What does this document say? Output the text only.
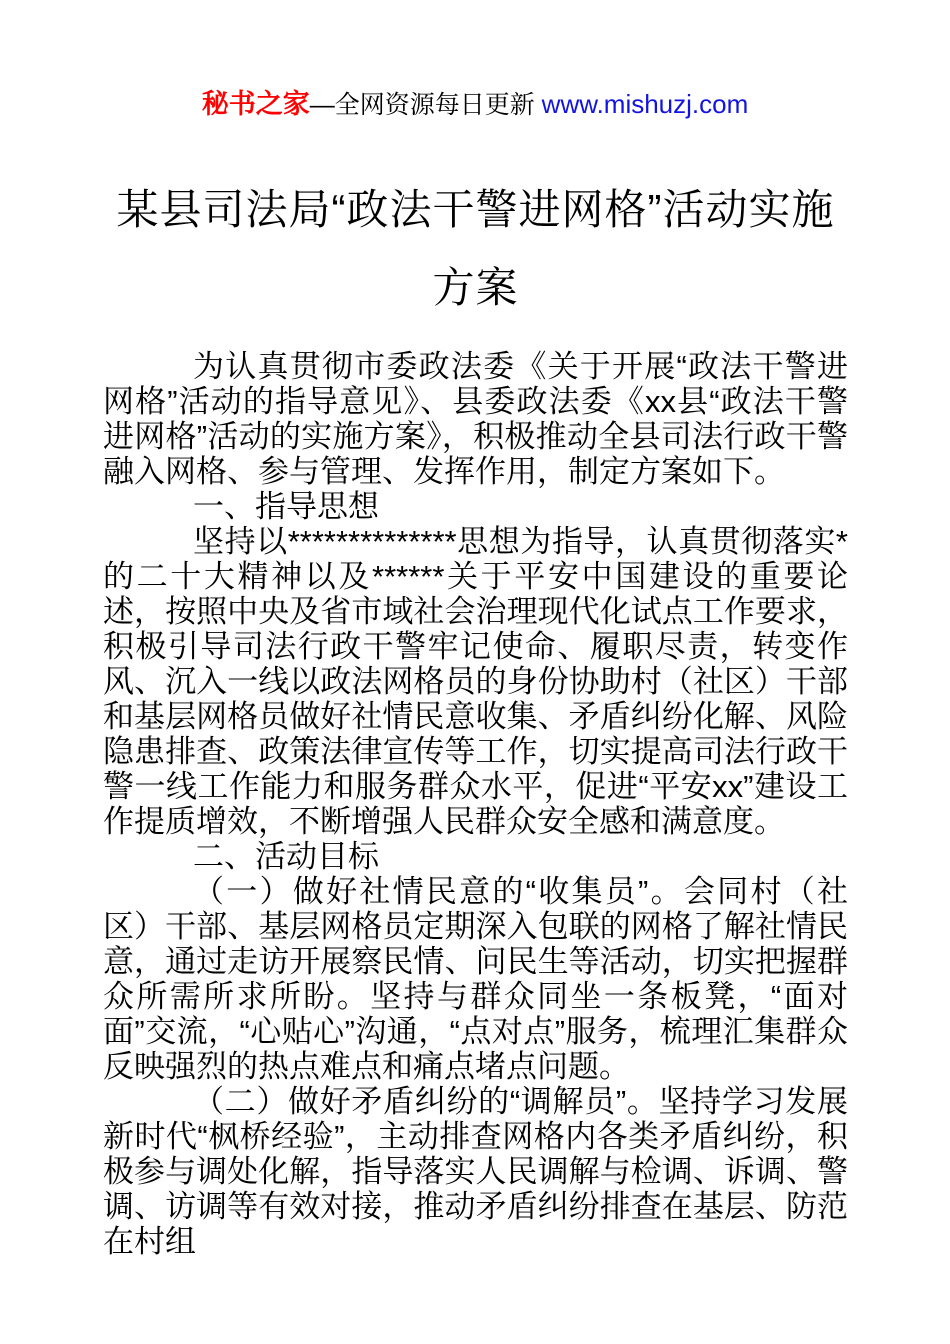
秘书之家—全网资源每日更新 www.mishuzj.com
某县司法局“政法干警进网格”活动实施
方案

为认真贯彻市委政法委《关于开展“政法干警进网格”活动的指导意见》、县委政法委《xx县“政法干警进网格”活动的实施方案》，积极推动全县司法行政干警融入网格、参与管理、发挥作用，制定方案如下。

一、指导思想

坚持以**************思想为指导，认真贯彻落实*的二十大精神以及******关于平安中国建设的重要论述，按照中央及省市域社会治理现代化试点工作要求，积极引导司法行政干警牢记使命、履职尽责，转变作风、沉入一线以政法网格员的身份协助村（社区）干部和基层网格员做好社情民意收集、矛盾纠纷化解、风险隐患排查、政策法律宣传等工作，切实提高司法行政干警一线工作能力和服务群众水平，促进“平安xx”建设工作提质增效，不断增强人民群众安全感和满意度。

二、活动目标

（一）做好社情民意的“收集员”。会同村（社区）干部、基层网格员定期深入包联的网格了解社情民意，通过走访开展察民情、问民生等活动，切实把握群众所需所求所盼。坚持与群众同坐一条板凳，“面对面”交流，“心贴心”沟通，“点对点”服务，梳理汇集群众反映强烈的热点难点和痛点堵点问题。

（二）做好矛盾纠纷的“调解员”。坚持学习发展新时代“枫桥经验”，主动排查网格内各类矛盾纠纷，积极参与调处化解，指导落实人民调解与检调、诉调、警调、访调等有效对接，推动矛盾纠纷排查在基层、防范在村组
